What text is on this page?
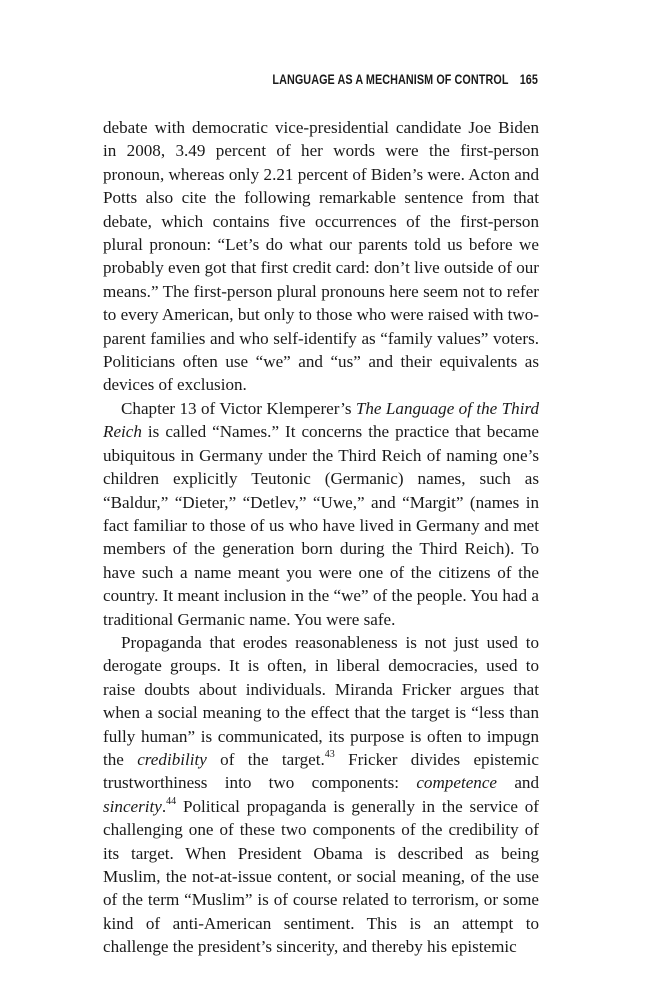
LANGUAGE AS A MECHANISM OF CONTROL 165

debate with democratic vice-presidential candidate Joe Biden in 2008, 3.49 percent of her words were the first-person pronoun, whereas only 2.21 percent of Biden’s were. Acton and Potts also cite the following remarkable sentence from that debate, which contains five occurrences of the first-person plural pronoun: “Let’s do what our parents told us before we probably even got that first credit card: don’t live outside of our means.” The first-person plural pronouns here seem not to refer to every American, but only to those who were raised with two-parent families and who self-identify as “family values” voters. Politicians often use “we” and “us” and their equivalents as devices of exclusion.

Chapter 13 of Victor Klemperer’s The Language of the Third Reich is called “Names.” It concerns the practice that became ubiquitous in Germany under the Third Reich of naming one’s children explicitly Teutonic (Germanic) names, such as “Baldur,” “Dieter,” “Detlev,” “Uwe,” and “Margit” (names in fact familiar to those of us who have lived in Germany and met members of the generation born during the Third Reich). To have such a name meant you were one of the citizens of the country. It meant inclusion in the “we” of the people. You had a traditional Germanic name. You were safe.

Propaganda that erodes reasonableness is not just used to derogate groups. It is often, in liberal democracies, used to raise doubts about individuals. Miranda Fricker argues that when a social meaning to the effect that the target is “less than fully human” is communicated, its purpose is often to impugn the credibility of the target.$^{43}$ Fricker divides epistemic trustworthiness into two components: competence and sincerity.$^{44}$ Political propaganda is generally in the service of challenging one of these two components of the credibility of its target. When President Obama is described as being Muslim, the not-at-issue content, or social meaning, of the use of the term “Muslim” is of course related to terrorism, or some kind of anti-American sentiment. This is an attempt to challenge the president’s sincerity, and thereby his epistemic
